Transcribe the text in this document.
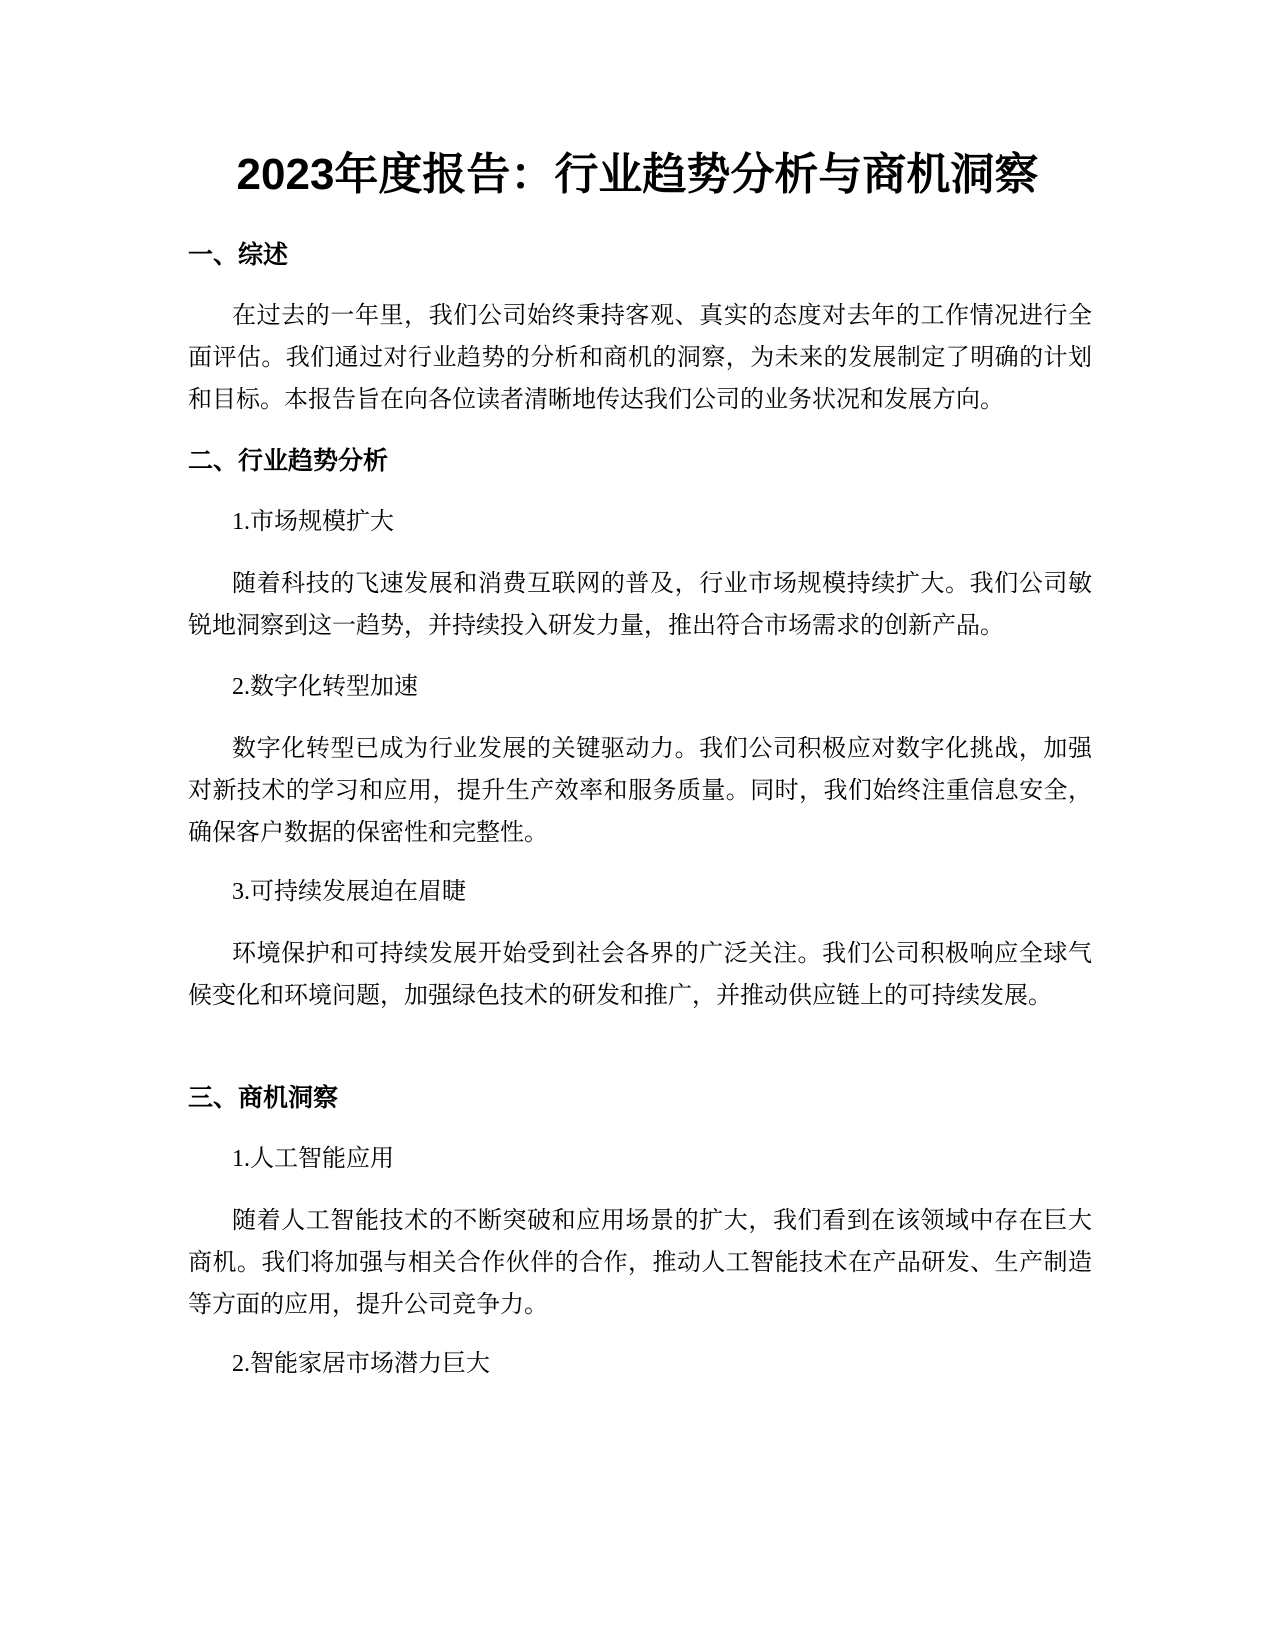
2023年度报告：行业趋势分析与商机洞察
一、综述

在过去的一年里，我们公司始终秉持客观、真实的态度对去年的工作情况进行全面评估。我们通过对行业趋势的分析和商机的洞察，为未来的发展制定了明确的计划和目标。本报告旨在向各位读者清晰地传达我们公司的业务状况和发展方向。

二、行业趋势分析
1.市场规模扩大

随着科技的飞速发展和消费互联网的普及，行业市场规模持续扩大。我们公司敏锐地洞察到这一趋势，并持续投入研发力量，推出符合市场需求的创新产品。

2.数字化转型加速

数字化转型已成为行业发展的关键驱动力。我们公司积极应对数字化挑战，加强对新技术的学习和应用，提升生产效率和服务质量。同时，我们始终注重信息安全，确保客户数据的保密性和完整性。

3.可持续发展迫在眉睫

环境保护和可持续发展开始受到社会各界的广泛关注。我们公司积极响应全球气候变化和环境问题，加强绿色技术的研发和推广，并推动供应链上的可持续发展。

三、商机洞察
1.人工智能应用

随着人工智能技术的不断突破和应用场景的扩大，我们看到在该领域中存在巨大商机。我们将加强与相关合作伙伴的合作，推动人工智能技术在产品研发、生产制造等方面的应用，提升公司竞争力。

2.智能家居市场潜力巨大
